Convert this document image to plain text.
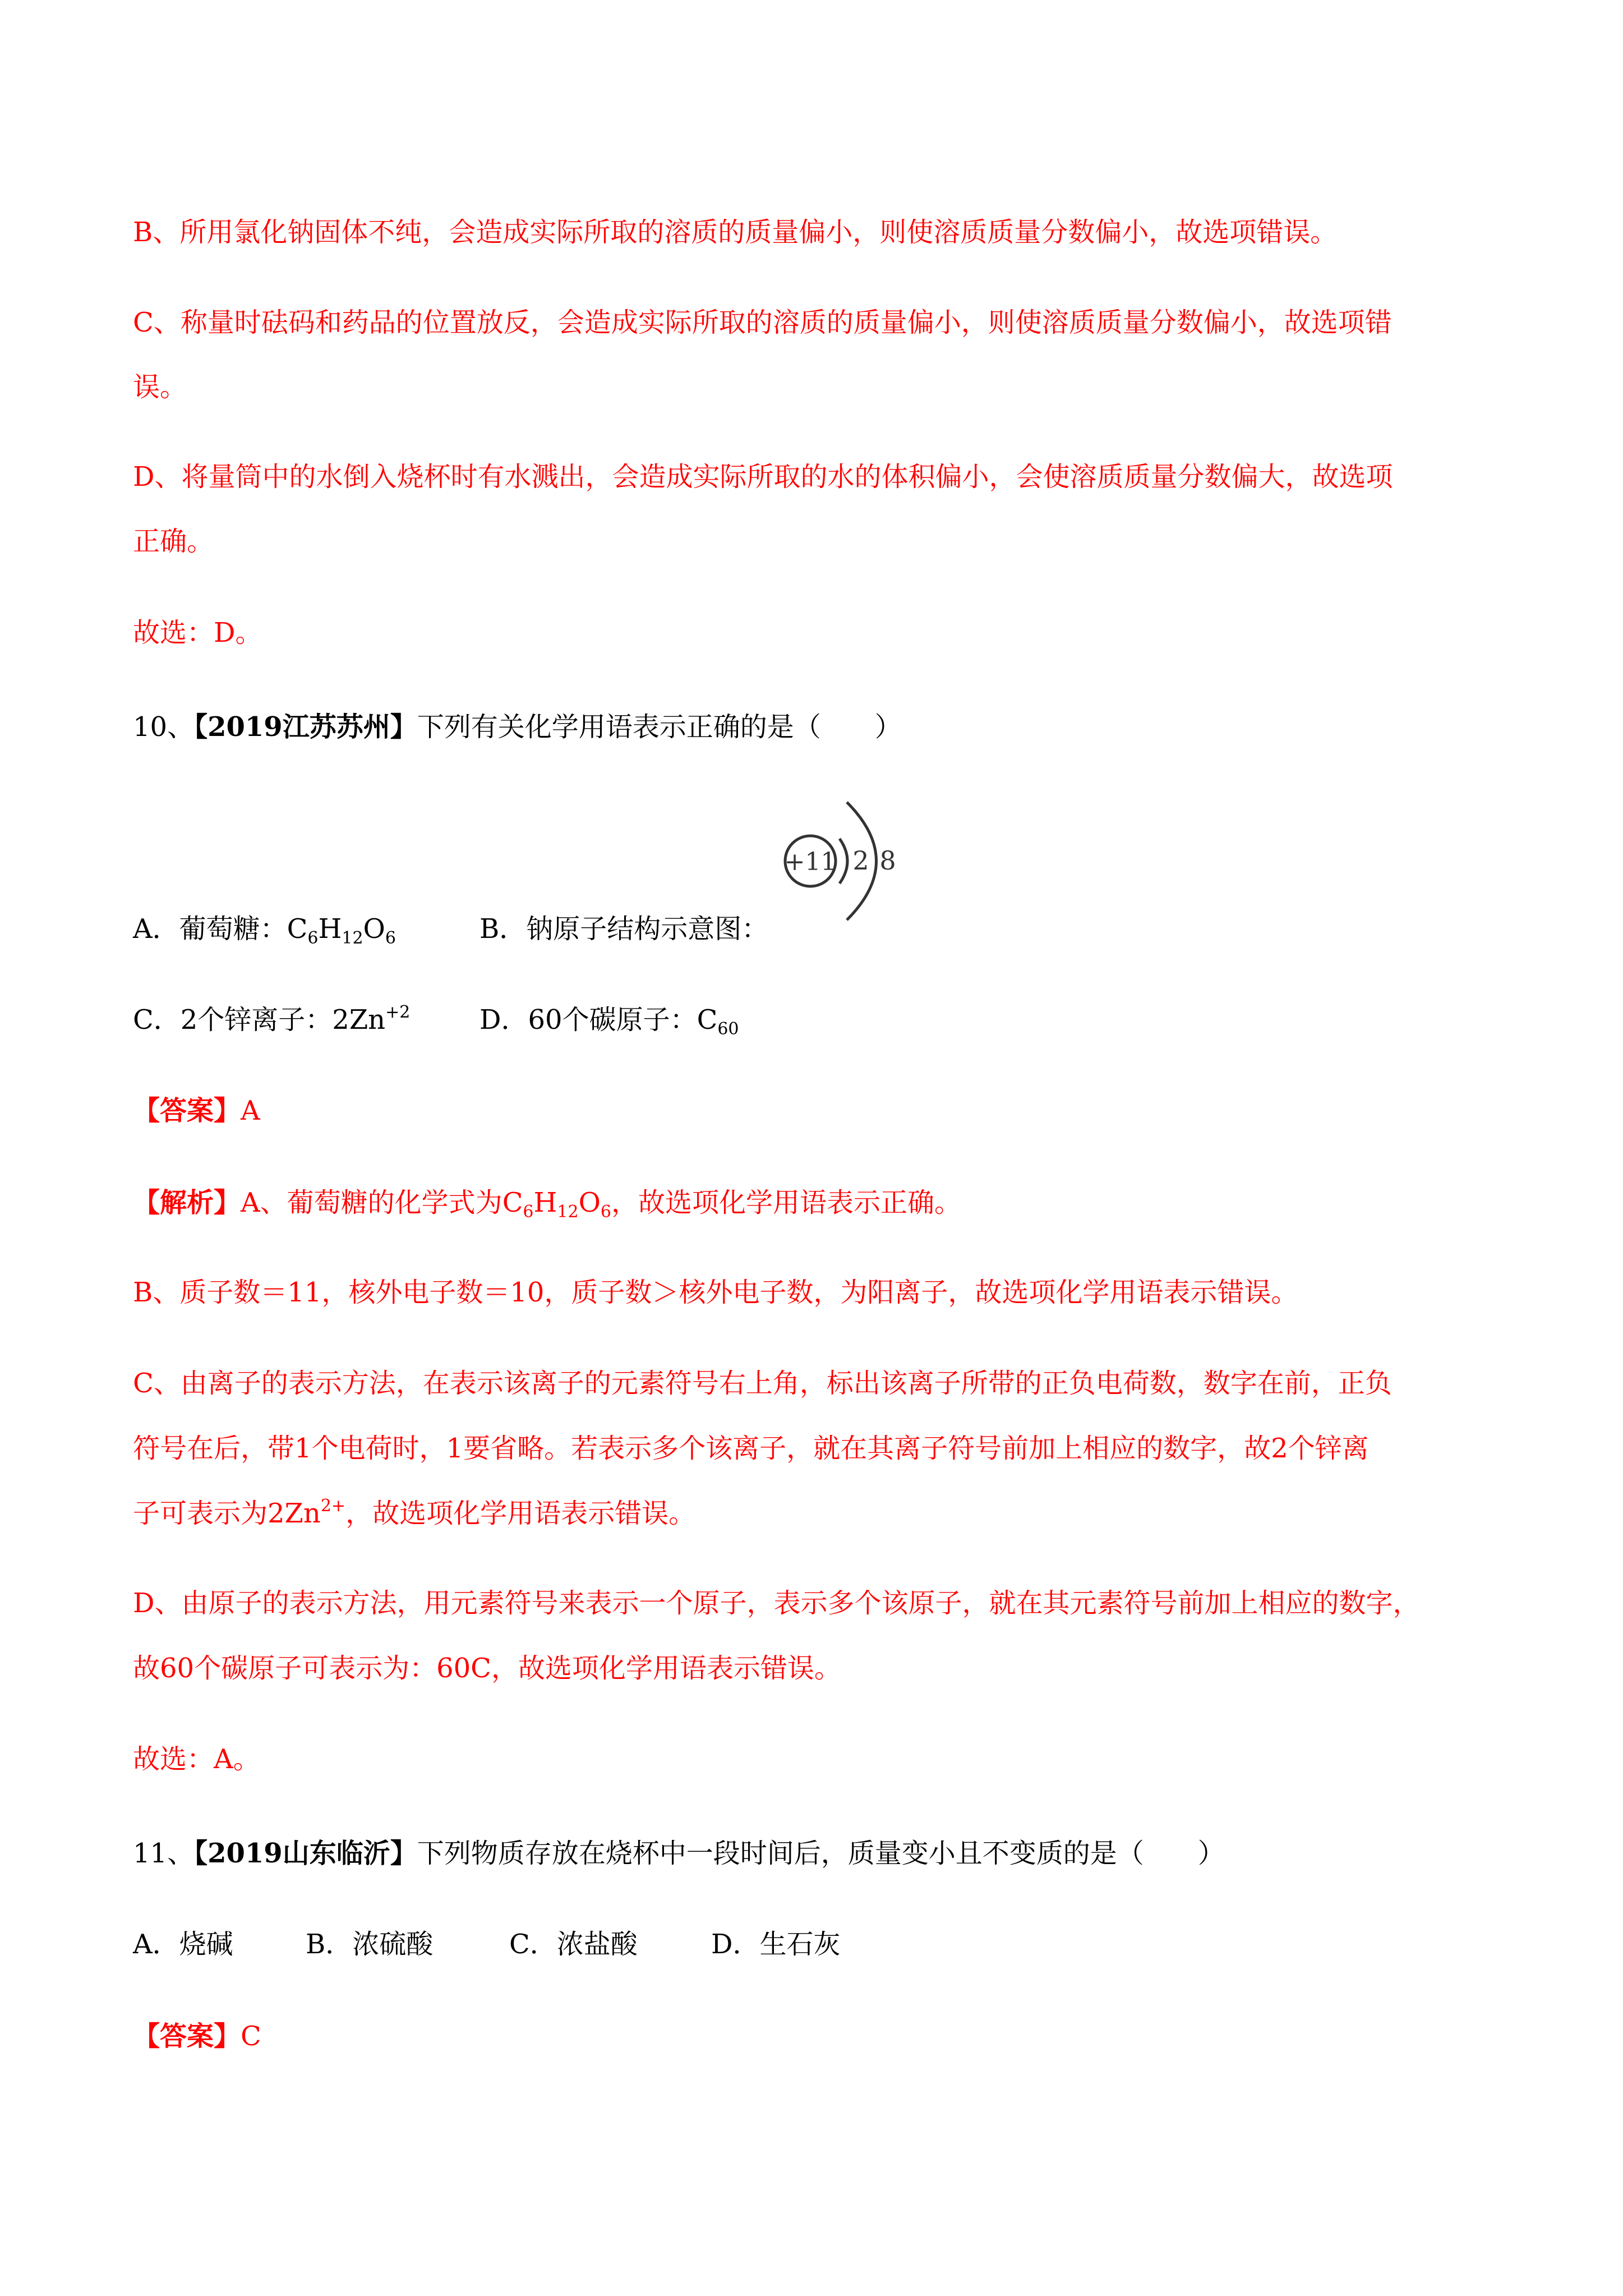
B、所用氯化钠固体不纯，会造成实际所取的溶质的质量偏小，则使溶质质量分数偏小，故选项错误。
C、称量时砝码和药品的位置放反，会造成实际所取的溶质的质量偏小，则使溶质质量分数偏小，故选项错
误。
D、将量筒中的水倒入烧杯时有水溅出，会造成实际所取的水的体积偏小，会使溶质质量分数偏大，故选项
正确。
故选：D。
10、【2019江苏苏州】下列有关化学用语表示正确的是（　　）
+11 2 8
A．葡萄糖：$C_6H_{12}O_6$	B．钠原子结构示意图：
C．2个锌离子：$2Zn^{+2}$	D．60个碳原子：$C_{60}$
【答案】A
【解析】A、葡萄糖的化学式为$C_6H_{12}O_6$，故选项化学用语表示正确。
B、质子数＝11，核外电子数＝10，质子数＞核外电子数，为阳离子，故选项化学用语表示错误。
C、由离子的表示方法，在表示该离子的元素符号右上角，标出该离子所带的正负电荷数，数字在前，正负
符号在后，带1个电荷时，1要省略。若表示多个该离子，就在其离子符号前加上相应的数字，故2个锌离
子可表示为$2Zn^{2+}$，故选项化学用语表示错误。
D、由原子的表示方法，用元素符号来表示一个原子，表示多个该原子，就在其元素符号前加上相应的数字，
故60个碳原子可表示为：60C，故选项化学用语表示错误。
故选：A。
11、【2019山东临沂】下列物质存放在烧杯中一段时间后，质量变小且不变质的是（　　）
A．烧碱	B．浓硫酸	C．浓盐酸	D．生石灰
【答案】C
